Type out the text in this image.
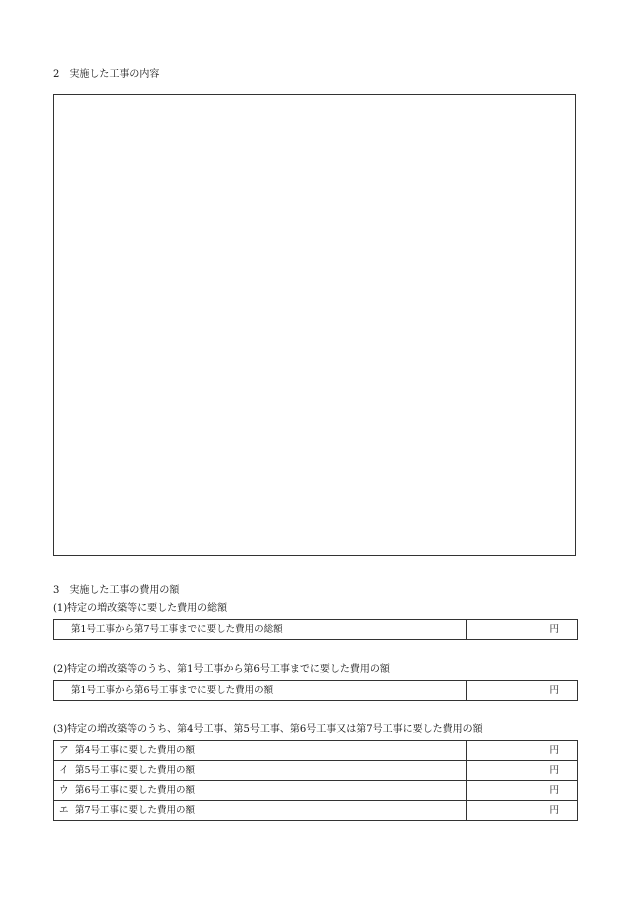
2　実施した工事の内容
3　実施した工事の費用の額
(1)特定の増改築等に要した費用の総額
第1号工事から第7号工事までに要した費用の総額	円
(2)特定の増改築等のうち、第1号工事から第6号工事までに要した費用の額
第1号工事から第6号工事までに要した費用の額	円
(3)特定の増改築等のうち、第4号工事、第5号工事、第6号工事又は第7号工事に要した費用の額
ア 第4号工事に要した費用の額	円
イ 第5号工事に要した費用の額	円
ウ 第6号工事に要した費用の額	円
エ 第7号工事に要した費用の額	円
